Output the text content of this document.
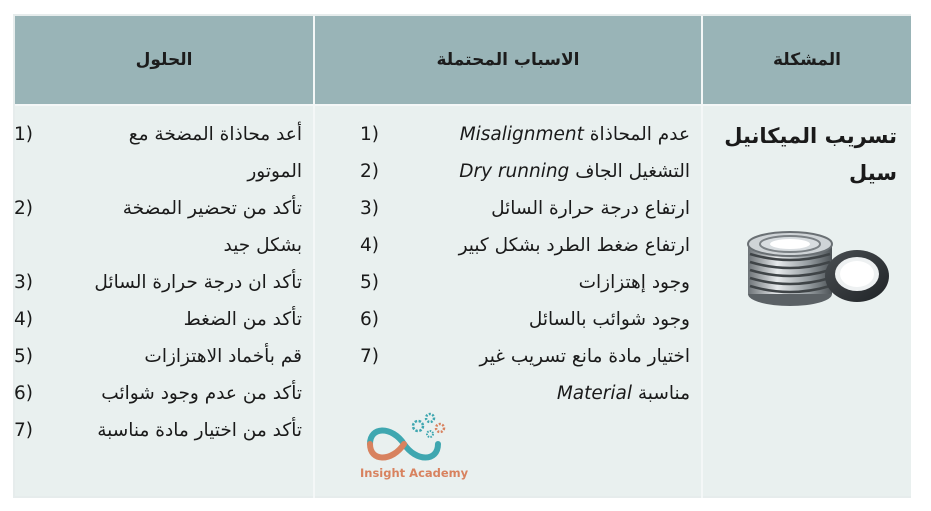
الحلول	الاسباب المحتملة	المشكلة
تسريب الميكانيل
سيل
عدم المحاذاة Misalignment
1)
التشغيل الجاف Dry running
2)
ارتفاع درجة حرارة السائل
3)
ارتفاع ضغط الطرد بشكل كبير
4)
وجود إهتزازات
5)
وجود شوائب بالسائل
6)
اختيار مادة مانع تسريب غير
7)
مناسبة Material
أعد محاذاة المضخة مع
1)
الموتور
تأكد من تحضير المضخة
2)
بشكل جيد
تأكد ان درجة حرارة السائل
3)
تأكد من الضغط
4)
قم بأخماد الاهتزازات
5)
تأكد من عدم وجود شوائب
6)
تأكد من اختيار مادة مناسبة
7)
Insight Academy
